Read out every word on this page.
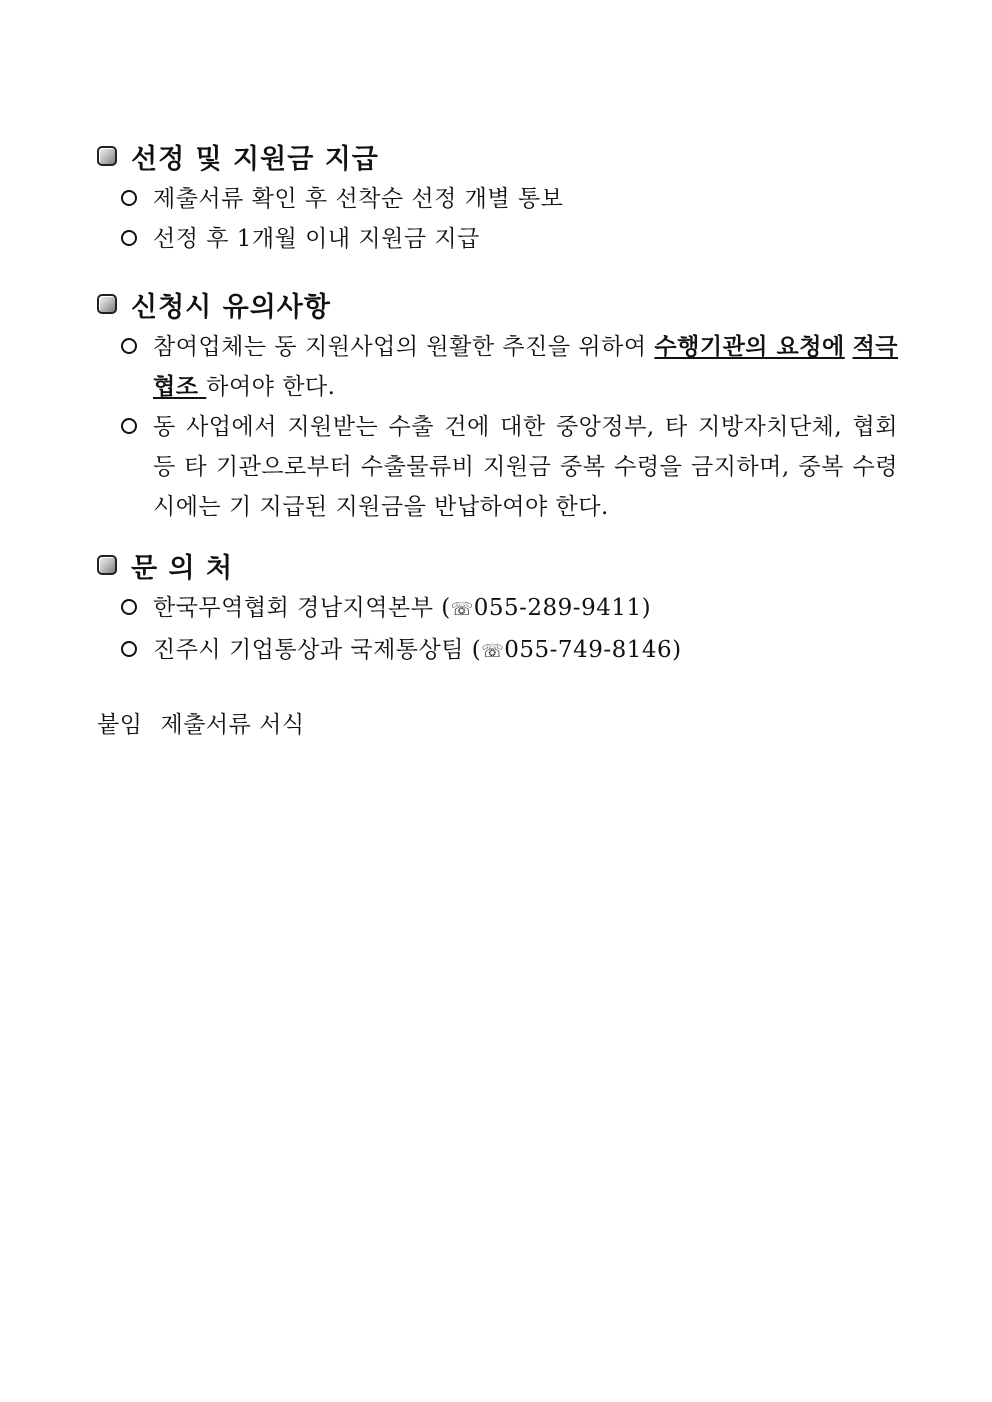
선정 및 지원금 지급
제출서류 확인 후 선착순 선정 개별 통보
선정 후 1개월 이내 지원금 지급
신청시 유의사항
참여업체는 동 지원사업의 원활한 추진을 위하여 수행기관의 요청에 적극 협조 하여야 한다.
동 사업에서 지원받는 수출 건에 대한 중앙정부, 타 지방자치단체, 협회 등 타 기관으로부터 수출물류비 지원금 중복 수령을 금지하며, 중복 수령 시에는 기 지급된 지원금을 반납하여야 한다.
문 의 처
한국무역협회 경남지역본부 (☏055-289-9411)
진주시 기업통상과 국제통상팀 (☏055-749-8146)
붙임 제출서류 서식
